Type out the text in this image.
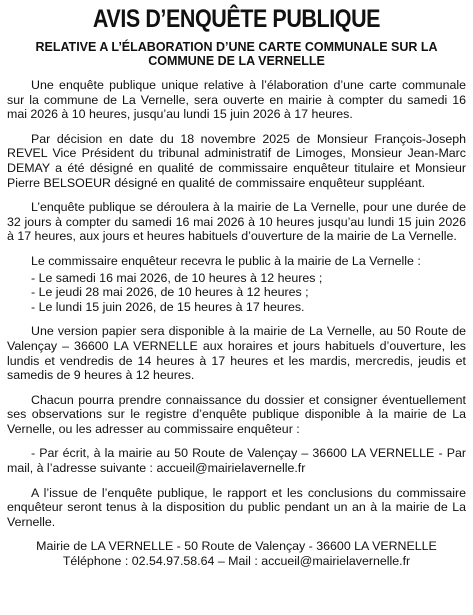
AVIS D’ENQUÊTE PUBLIQUE
RELATIVE A L’ÉLABORATION D’UNE CARTE COMMUNALE SUR LA COMMUNE DE LA VERNELLE

Une enquête publique unique relative à l’élaboration d’une carte communale sur la commune de La Vernelle, sera ouverte en mairie à compter du samedi 16 mai 2026 à 10 heures, jusqu’au lundi 15 juin 2026 à 17 heures.

Par décision en date du 18 novembre 2025 de Monsieur François-Joseph REVEL Vice Président du tribunal administratif de Limoges, Monsieur Jean-Marc DEMAY a été désigné en qualité de commissaire enquêteur titulaire et Monsieur Pierre BELSOEUR désigné en qualité de commissaire enquêteur suppléant.

L’enquête publique se déroulera à la mairie de La Vernelle, pour une durée de 32 jours à compter du samedi 16 mai 2026 à 10 heures jusqu’au lundi 15 juin 2026 à 17 heures, aux jours et heures habituels d’ouverture de la mairie de La Vernelle.

Le commissaire enquêteur recevra le public à la mairie de La Vernelle :

- Le samedi 16 mai 2026, de 10 heures à 12 heures ;
- Le jeudi 28 mai 2026, de 10 heures à 12 heures ;
- Le lundi 15 juin 2026, de 15 heures à 17 heures.

Une version papier sera disponible à la mairie de La Vernelle, au 50 Route de Valençay – 36600 LA VERNELLE aux horaires et jours habituels d’ouverture, les lundis et vendredis de 14 heures à 17 heures et les mardis, mercredis, jeudis et samedis de 9 heures à 12 heures.

Chacun pourra prendre connaissance du dossier et consigner éventuellement ses observations sur le registre d’enquête publique disponible à la mairie de La Vernelle, ou les adresser au commissaire enquêteur :

- Par écrit, à la mairie au 50 Route de Valençay – 36600 LA VERNELLE - Par mail, à l’adresse suivante : accueil@mairielavernelle.fr

A l’issue de l’enquête publique, le rapport et les conclusions du commissaire enquêteur seront tenus à la disposition du public pendant un an à la mairie de La Vernelle.

Mairie de LA VERNELLE - 50 Route de Valençay - 36600 LA VERNELLE
Téléphone : 02.54.97.58.64 – Mail : accueil@mairielavernelle.fr
